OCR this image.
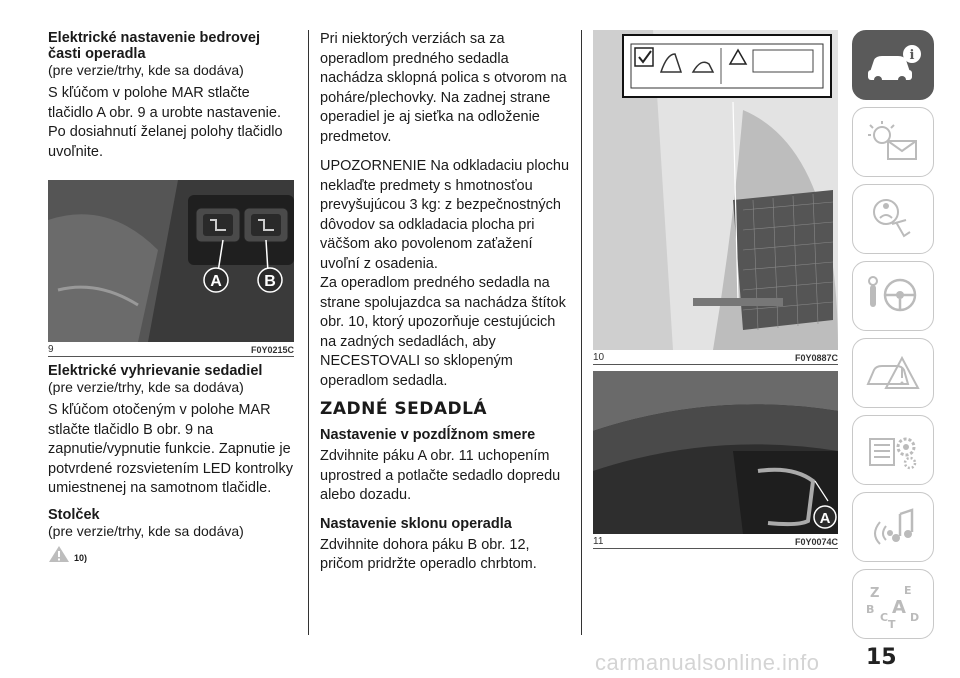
Elektrické nastavenie bedrovej
časti operadla
(pre verzie/trhy, kde sa dodáva)
S kľúčom v polohe MAR stlačte tlačidlo A obr. 9 a urobte nastavenie. Po dosiahnutí želanej polohy tlačidlo uvoľnite.
A	B
9	F0Y0215C
Elektrické vyhrievanie sedadiel
(pre verzie/trhy, kde sa dodáva)
S kľúčom otočeným v polohe MAR stlačte tlačidlo B obr. 9 na zapnutie/vypnutie funkcie. Zapnutie je potvrdené rozsvietením LED kontrolky umiestnenej na samotnom tlačidle.
Stolček
(pre verzie/trhy, kde sa dodáva)
10)
Pri niektorých verziách sa za operadlom predného sedadla nachádza sklopná polica s otvorom na poháre/plechovky. Na zadnej strane operadiel je aj sieťka na odloženie predmetov.
UPOZORNENIE Na odkladaciu plochu neklaďte predmety s hmotnosťou prevyšujúcou 3 kg: z bezpečnostných dôvodov sa odkladacia plocha pri väčšom ako povolenom zaťažení uvoľní z osadenia.
Za operadlom predného sedadla na strane spolujazdca sa nachádza štítok obr. 10, ktorý upozorňuje cestujúcich na zadných sedadlách, aby NECESTOVALI so sklopeným operadlom sedadla.
ZADNÉ SEDADLÁ
Nastavenie v pozdĺžnom smere
Zdvihnite páku A obr. 11 uchopením uprostred a potlačte sedadlo dopredu alebo dozadu.
Nastavenie sklonu operadla
Zdvihnite dohora páku B obr. 12, pričom pridržte operadlo chrbtom.
10	F0Y0887C
A
11	F0Y0074C
i
Z E
B A
C D
T
carmanualsonline.info 15
